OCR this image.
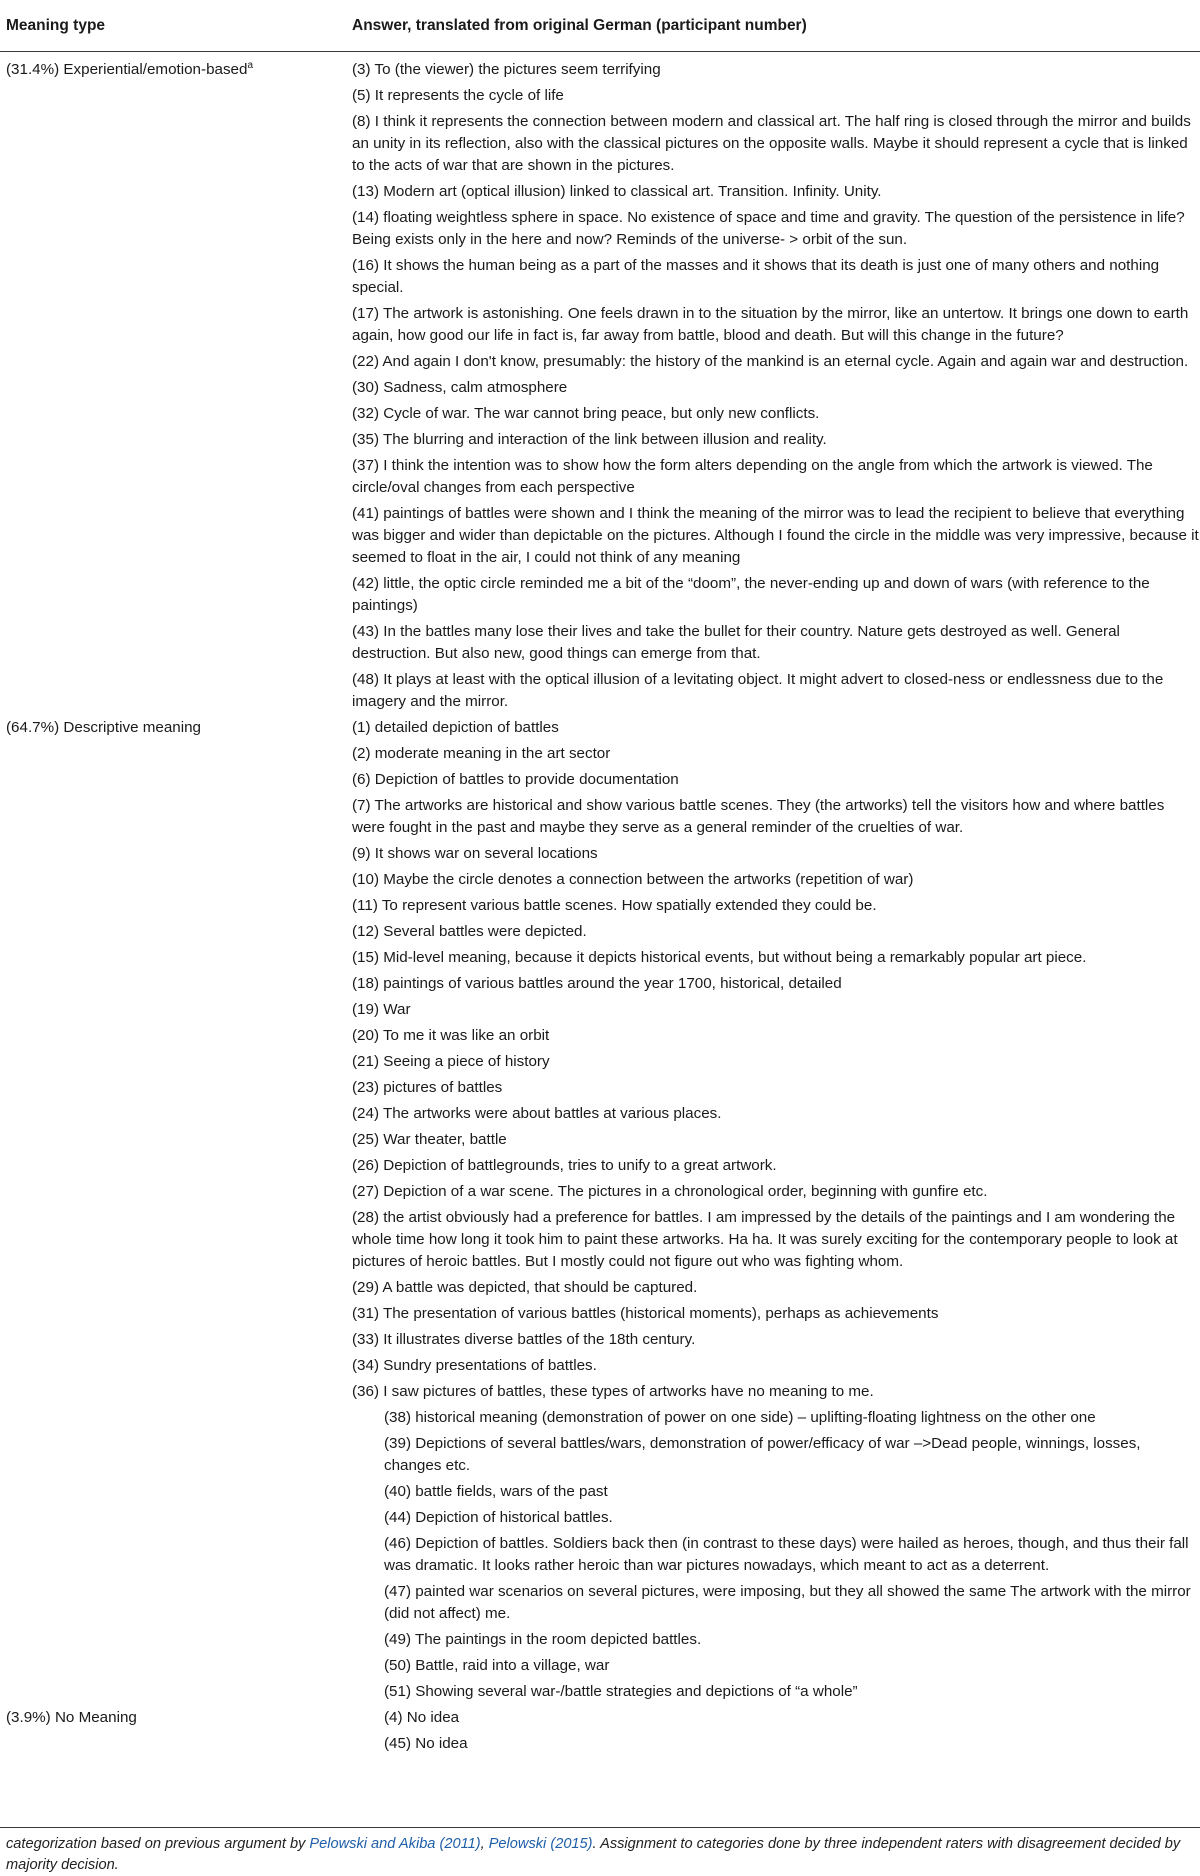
Meaning type	Answer, translated from original German (participant number)
(31.4%) Experiential/emotion-based$^a$	(3) To (the viewer) the pictures seem terrifying
(5) It represents the cycle of life
(8) I think it represents the connection between modern and classical art. The half ring is closed through the mirror and builds an unity in its reflection, also with the classical pictures on the opposite walls. Maybe it should represent a cycle that is linked to the acts of war that are shown in the pictures.
(13) Modern art (optical illusion) linked to classical art. Transition. Infinity. Unity.
(14) floating weightless sphere in space. No existence of space and time and gravity. The question of the persistence in life? Being exists only in the here and now? Reminds of the universe- > orbit of the sun.
(16) It shows the human being as a part of the masses and it shows that its death is just one of many others and nothing special.
(17) The artwork is astonishing. One feels drawn in to the situation by the mirror, like an untertow. It brings one down to earth again, how good our life in fact is, far away from battle, blood and death. But will this change in the future?
(22) And again I don't know, presumably: the history of the mankind is an eternal cycle. Again and again war and destruction.
(30) Sadness, calm atmosphere
(32) Cycle of war. The war cannot bring peace, but only new conflicts.
(35) The blurring and interaction of the link between illusion and reality.
(37) I think the intention was to show how the form alters depending on the angle from which the artwork is viewed. The circle/oval changes from each perspective
(41) paintings of battles were shown and I think the meaning of the mirror was to lead the recipient to believe that everything was bigger and wider than depictable on the pictures. Although I found the circle in the middle was very impressive, because it seemed to float in the air, I could not think of any meaning
(42) little, the optic circle reminded me a bit of the “doom”, the never-ending up and down of wars (with reference to the paintings)
(43) In the battles many lose their lives and take the bullet for their country. Nature gets destroyed as well. General destruction. But also new, good things can emerge from that.
(48) It plays at least with the optical illusion of a levitating object. It might advert to closed-ness or endlessness due to the imagery and the mirror.
(64.7%) Descriptive meaning	(1) detailed depiction of battles
(2) moderate meaning in the art sector
(6) Depiction of battles to provide documentation
(7) The artworks are historical and show various battle scenes. They (the artworks) tell the visitors how and where battles were fought in the past and maybe they serve as a general reminder of the cruelties of war.
(9) It shows war on several locations
(10) Maybe the circle denotes a connection between the artworks (repetition of war)
(11) To represent various battle scenes. How spatially extended they could be.
(12) Several battles were depicted.
(15) Mid-level meaning, because it depicts historical events, but without being a remarkably popular art piece.
(18) paintings of various battles around the year 1700, historical, detailed
(19) War
(20) To me it was like an orbit
(21) Seeing a piece of history
(23) pictures of battles
(24) The artworks were about battles at various places.
(25) War theater, battle
(26) Depiction of battlegrounds, tries to unify to a great artwork.
(27) Depiction of a war scene. The pictures in a chronological order, beginning with gunfire etc.
(28) the artist obviously had a preference for battles. I am impressed by the details of the paintings and I am wondering the whole time how long it took him to paint these artworks. Ha ha. It was surely exciting for the contemporary people to look at pictures of heroic battles. But I mostly could not figure out who was fighting whom.
(29) A battle was depicted, that should be captured.
(31) The presentation of various battles (historical moments), perhaps as achievements
(33) It illustrates diverse battles of the 18th century.
(34) Sundry presentations of battles.
(36) I saw pictures of battles, these types of artworks have no meaning to me.
(38) historical meaning (demonstration of power on one side) – uplifting-floating lightness on the other one
(39) Depictions of several battles/wars, demonstration of power/efficacy of war –>Dead people, winnings, losses, changes etc.
(40) battle fields, wars of the past
(44) Depiction of historical battles.
(46) Depiction of battles. Soldiers back then (in contrast to these days) were hailed as heroes, though, and thus their fall was dramatic. It looks rather heroic than war pictures nowadays, which meant to act as a deterrent.
(47) painted war scenarios on several pictures, were imposing, but they all showed the same The artwork with the mirror (did not affect) me.
(49) The paintings in the room depicted battles.
(50) Battle, raid into a village, war
(51) Showing several war-/battle strategies and depictions of “a whole”
(3.9%) No Meaning	(4) No idea
(45) No idea
categorization based on previous argument by Pelowski and Akiba (2011), Pelowski (2015). Assignment to categories done by three independent raters with disagreement decided by majority decision.
